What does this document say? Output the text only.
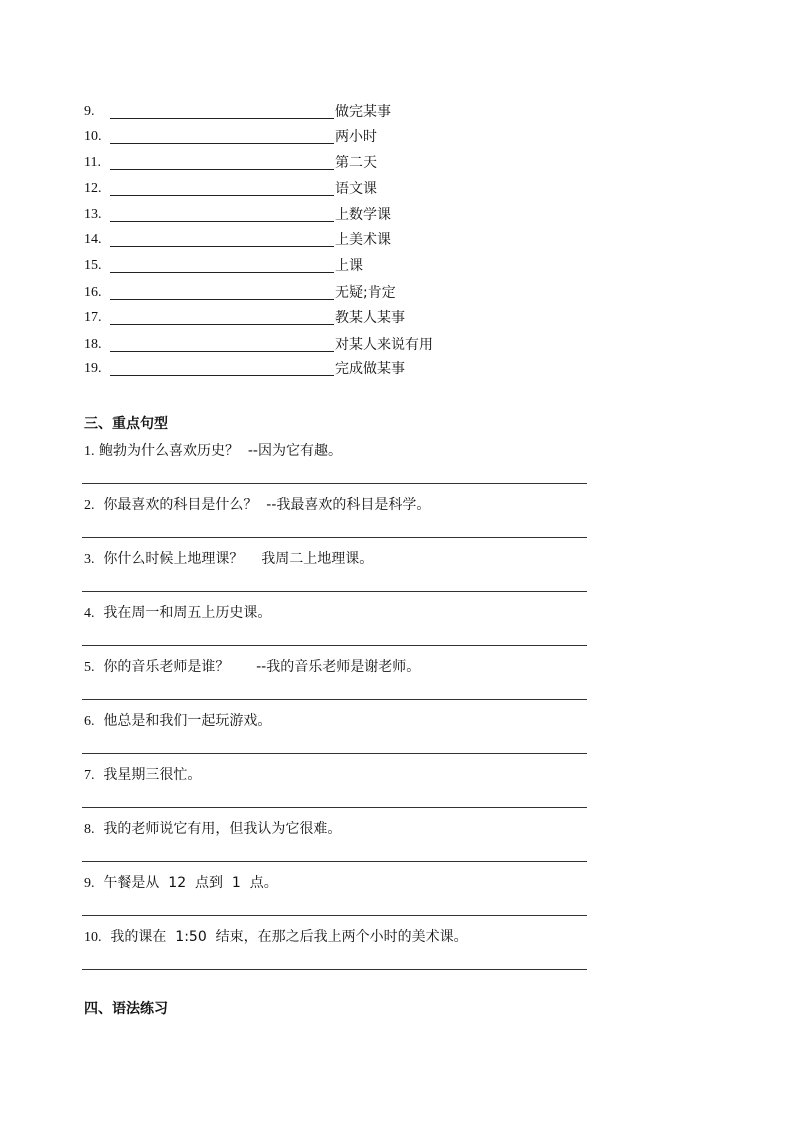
9.	做完某事
10.	两小时
11.	第二天
12.	语文课
13.	上数学课
14.	上美术课
15.	上课
16.	无疑;肯定
17.	教某人某事
18.	对某人来说有用
19.	完成做某事
三、重点句型
1. 鲍勃为什么喜欢历史？  --因为它有趣。
2.  你最喜欢的科目是什么？  --我最喜欢的科目是科学。
3.  你什么时候上地理课？    我周二上地理课。
4.  我在周一和周五上历史课。
5.  你的音乐老师是谁？      --我的音乐老师是谢老师。
6.  他总是和我们一起玩游戏。
7.  我星期三很忙。
8.  我的老师说它有用，但我认为它很难。
9.  午餐是从  12  点到  1  点。
10.  我的课在  1:50  结束，在那之后我上两个小时的美术课。
四、语法练习
